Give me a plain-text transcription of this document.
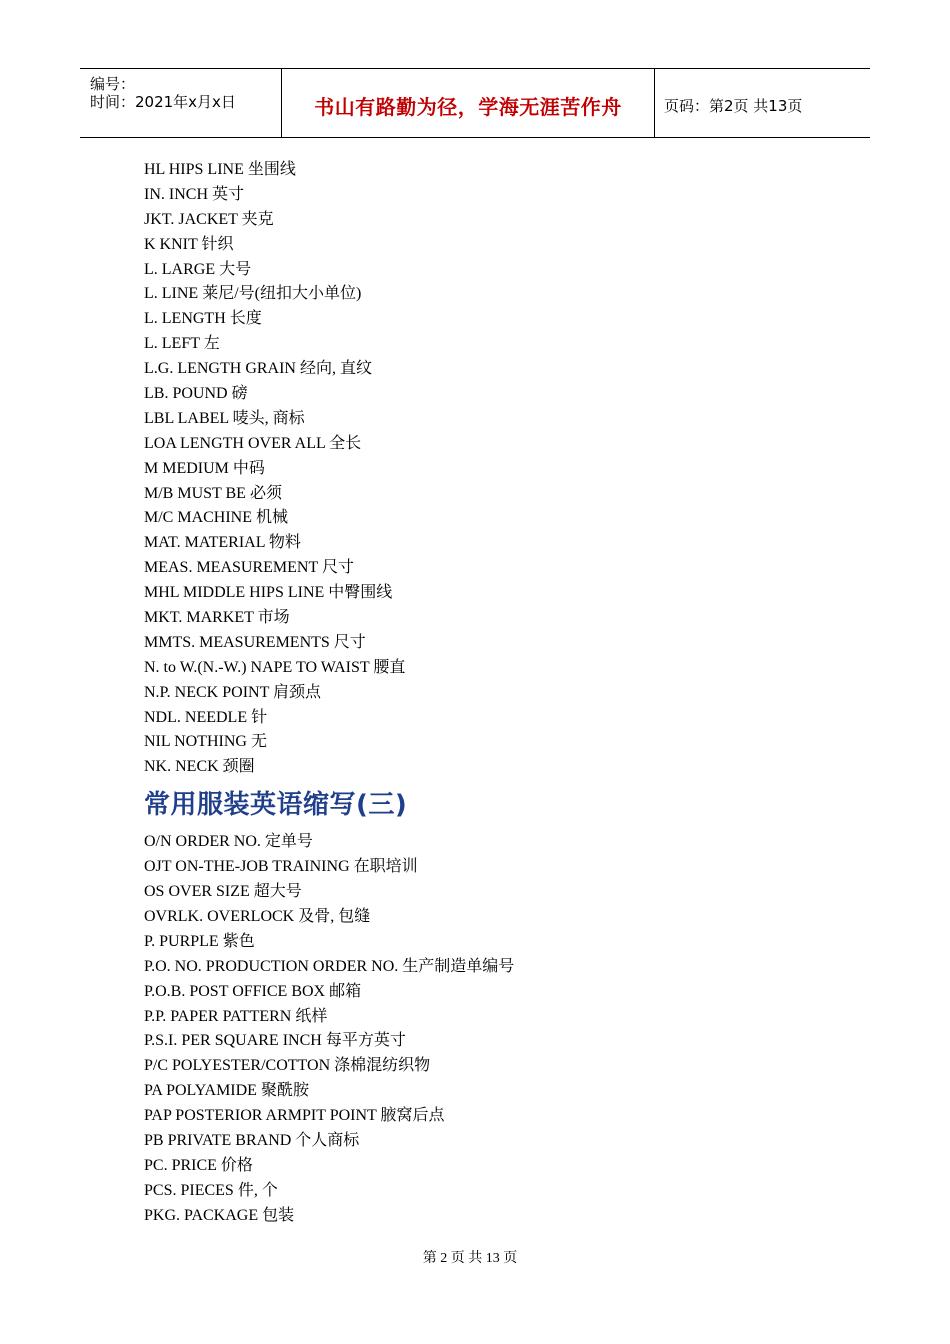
编号：
时间：2021年x月x日	书山有路勤为径，学海无涯苦作舟	页码：第2页 共13页
HL HIPS LINE 坐围线
IN. INCH 英寸
JKT. JACKET 夹克
K KNIT 针织
L. LARGE 大号
L. LINE 莱尼/号(纽扣大小单位)
L. LENGTH 长度
L. LEFT 左
L.G. LENGTH GRAIN 经向, 直纹
LB. POUND 磅
LBL LABEL 唛头, 商标
LOA LENGTH OVER ALL 全长
M MEDIUM 中码
M/B MUST BE 必须
M/C MACHINE 机械
MAT. MATERIAL 物料
MEAS. MEASUREMENT 尺寸
MHL MIDDLE HIPS LINE 中臀围线
MKT. MARKET 市场
MMTS. MEASUREMENTS 尺寸
N. to W.(N.-W.) NAPE TO WAIST 腰直
N.P. NECK POINT 肩颈点
NDL. NEEDLE 针
NIL NOTHING 无
NK. NECK 颈圈
常用服装英语缩写(三)
O/N ORDER NO. 定单号
OJT ON-THE-JOB TRAINING 在职培训
OS OVER SIZE 超大号
OVRLK. OVERLOCK 及骨, 包缝
P. PURPLE 紫色
P.O. NO. PRODUCTION ORDER NO. 生产制造单编号
P.O.B. POST OFFICE BOX 邮箱
P.P. PAPER PATTERN 纸样
P.S.I. PER SQUARE INCH 每平方英寸
P/C POLYESTER/COTTON 涤棉混纺织物
PA POLYAMIDE 聚酰胺
PAP POSTERIOR ARMPIT POINT 腋窝后点
PB PRIVATE BRAND 个人商标
PC. PRICE 价格
PCS. PIECES 件, 个
PKG. PACKAGE 包装
第 2 页 共 13 页
